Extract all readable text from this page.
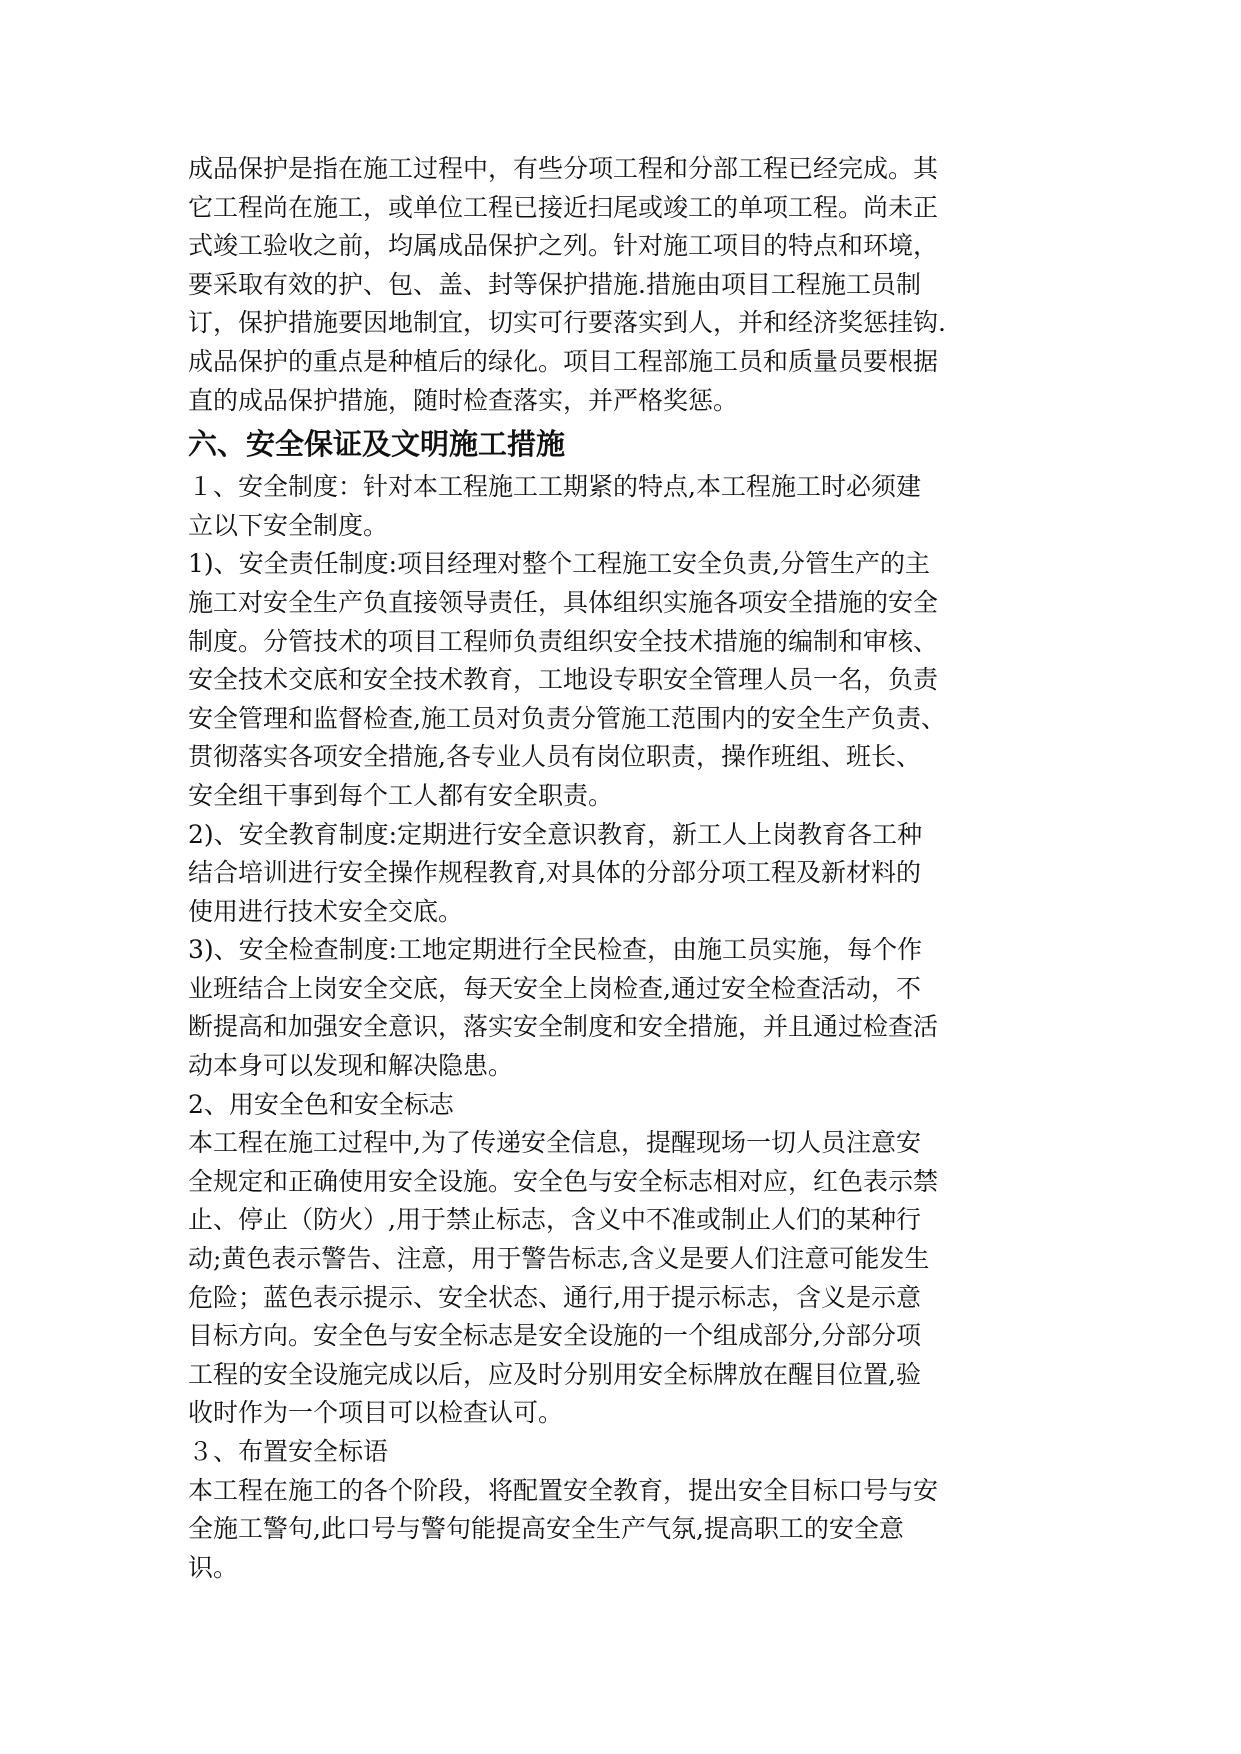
成品保护是指在施工过程中，有些分项工程和分部工程已经完成。其
它工程尚在施工，或单位工程已接近扫尾或竣工的单项工程。尚未正
式竣工验收之前，均属成品保护之列。针对施工项目的特点和环境，
要采取有效的护、包、盖、封等保护措施.措施由项目工程施工员制
订，保护措施要因地制宜，切实可行要落实到人，并和经济奖惩挂钩.
成品保护的重点是种植后的绿化。项目工程部施工员和质量员要根据
直的成品保护措施，随时检查落实，并严格奖惩。
六、安全保证及文明施工措施
１、安全制度：针对本工程施工工期紧的特点,本工程施工时必须建
立以下安全制度。
1)、安全责任制度:项目经理对整个工程施工安全负责,分管生产的主
施工对安全生产负直接领导责任，具体组织实施各项安全措施的安全
制度。分管技术的项目工程师负责组织安全技术措施的编制和审核、
安全技术交底和安全技术教育，工地设专职安全管理人员一名，负责
安全管理和监督检查,施工员对负责分管施工范围内的安全生产负责、
贯彻落实各项安全措施,各专业人员有岗位职责，操作班组、班长、
安全组干事到每个工人都有安全职责。
2)、安全教育制度:定期进行安全意识教育，新工人上岗教育各工种
结合培训进行安全操作规程教育,对具体的分部分项工程及新材料的
使用进行技术安全交底。
3)、安全检查制度:工地定期进行全民检查，由施工员实施，每个作
业班结合上岗安全交底，每天安全上岗检查,通过安全检查活动，不
断提高和加强安全意识，落实安全制度和安全措施，并且通过检查活
动本身可以发现和解决隐患。
2、用安全色和安全标志
本工程在施工过程中,为了传递安全信息，提醒现场一切人员注意安
全规定和正确使用安全设施。安全色与安全标志相对应，红色表示禁
止、停止（防火）,用于禁止标志，含义中不准或制止人们的某种行
动;黄色表示警告、注意，用于警告标志,含义是要人们注意可能发生
危险；蓝色表示提示、安全状态、通行,用于提示标志，含义是示意
目标方向。安全色与安全标志是安全设施的一个组成部分,分部分项
工程的安全设施完成以后，应及时分别用安全标牌放在醒目位置,验
收时作为一个项目可以检查认可。
３、布置安全标语
本工程在施工的各个阶段，将配置安全教育，提出安全目标口号与安
全施工警句,此口号与警句能提高安全生产气氛,提高职工的安全意
识。
